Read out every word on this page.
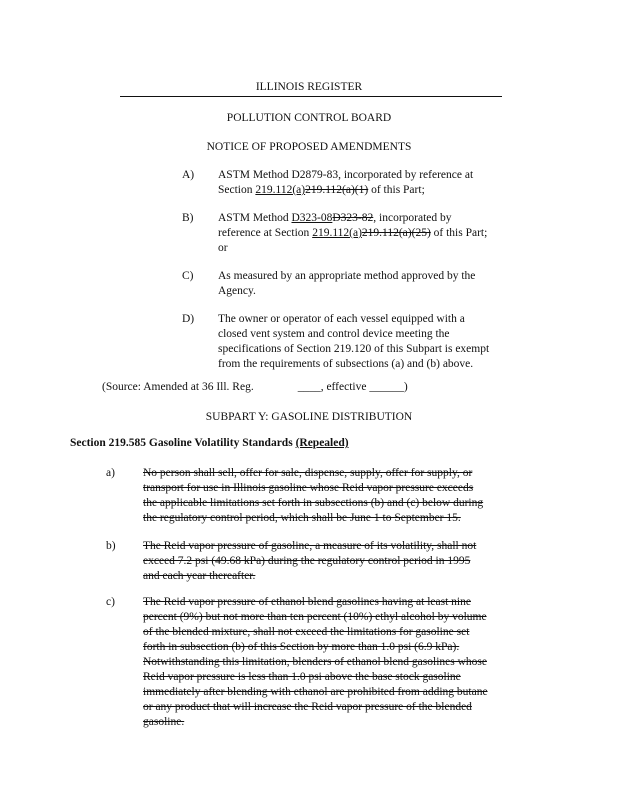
ILLINOIS REGISTER
POLLUTION CONTROL BOARD
NOTICE OF PROPOSED AMENDMENTS
A) ASTM Method D2879-83, incorporated by reference at
Section 219.112(a)219.112(a)(1) of this Part;
B) ASTM Method D323-08D323-82, incorporated by
reference at Section 219.112(a)219.112(a)(25) of this Part;
or
C) As measured by an appropriate method approved by the
Agency.
D) The owner or operator of each vessel equipped with a
closed vent system and control device meeting the
specifications of Section 219.120 of this Subpart is exempt
from the requirements of subsections (a) and (b) above.
(Source: Amended at 36 Ill. Reg.	____, effective ______)
SUBPART Y: GASOLINE DISTRIBUTION
Section 219.585 Gasoline Volatility Standards (Repealed)
a) No person shall sell, offer for sale, dispense, supply, offer for supply, or
transport for use in Illinois gasoline whose Reid vapor pressure exceeds
the applicable limitations set forth in subsections (b) and (c) below during
the regulatory control period, which shall be June 1 to September 15.
b) The Reid vapor pressure of gasoline, a measure of its volatility, shall not
exceed 7.2 psi (49.68 kPa) during the regulatory control period in 1995
and each year thereafter.
c) The Reid vapor pressure of ethanol blend gasolines having at least nine
percent (9%) but not more than ten percent (10%) ethyl alcohol by volume
of the blended mixture, shall not exceed the limitations for gasoline set
forth in subsection (b) of this Section by more than 1.0 psi (6.9 kPa).
Notwithstanding this limitation, blenders of ethanol blend gasolines whose
Reid vapor pressure is less than 1.0 psi above the base stock gasoline
immediately after blending with ethanol are prohibited from adding butane
or any product that will increase the Reid vapor pressure of the blended
gasoline.
